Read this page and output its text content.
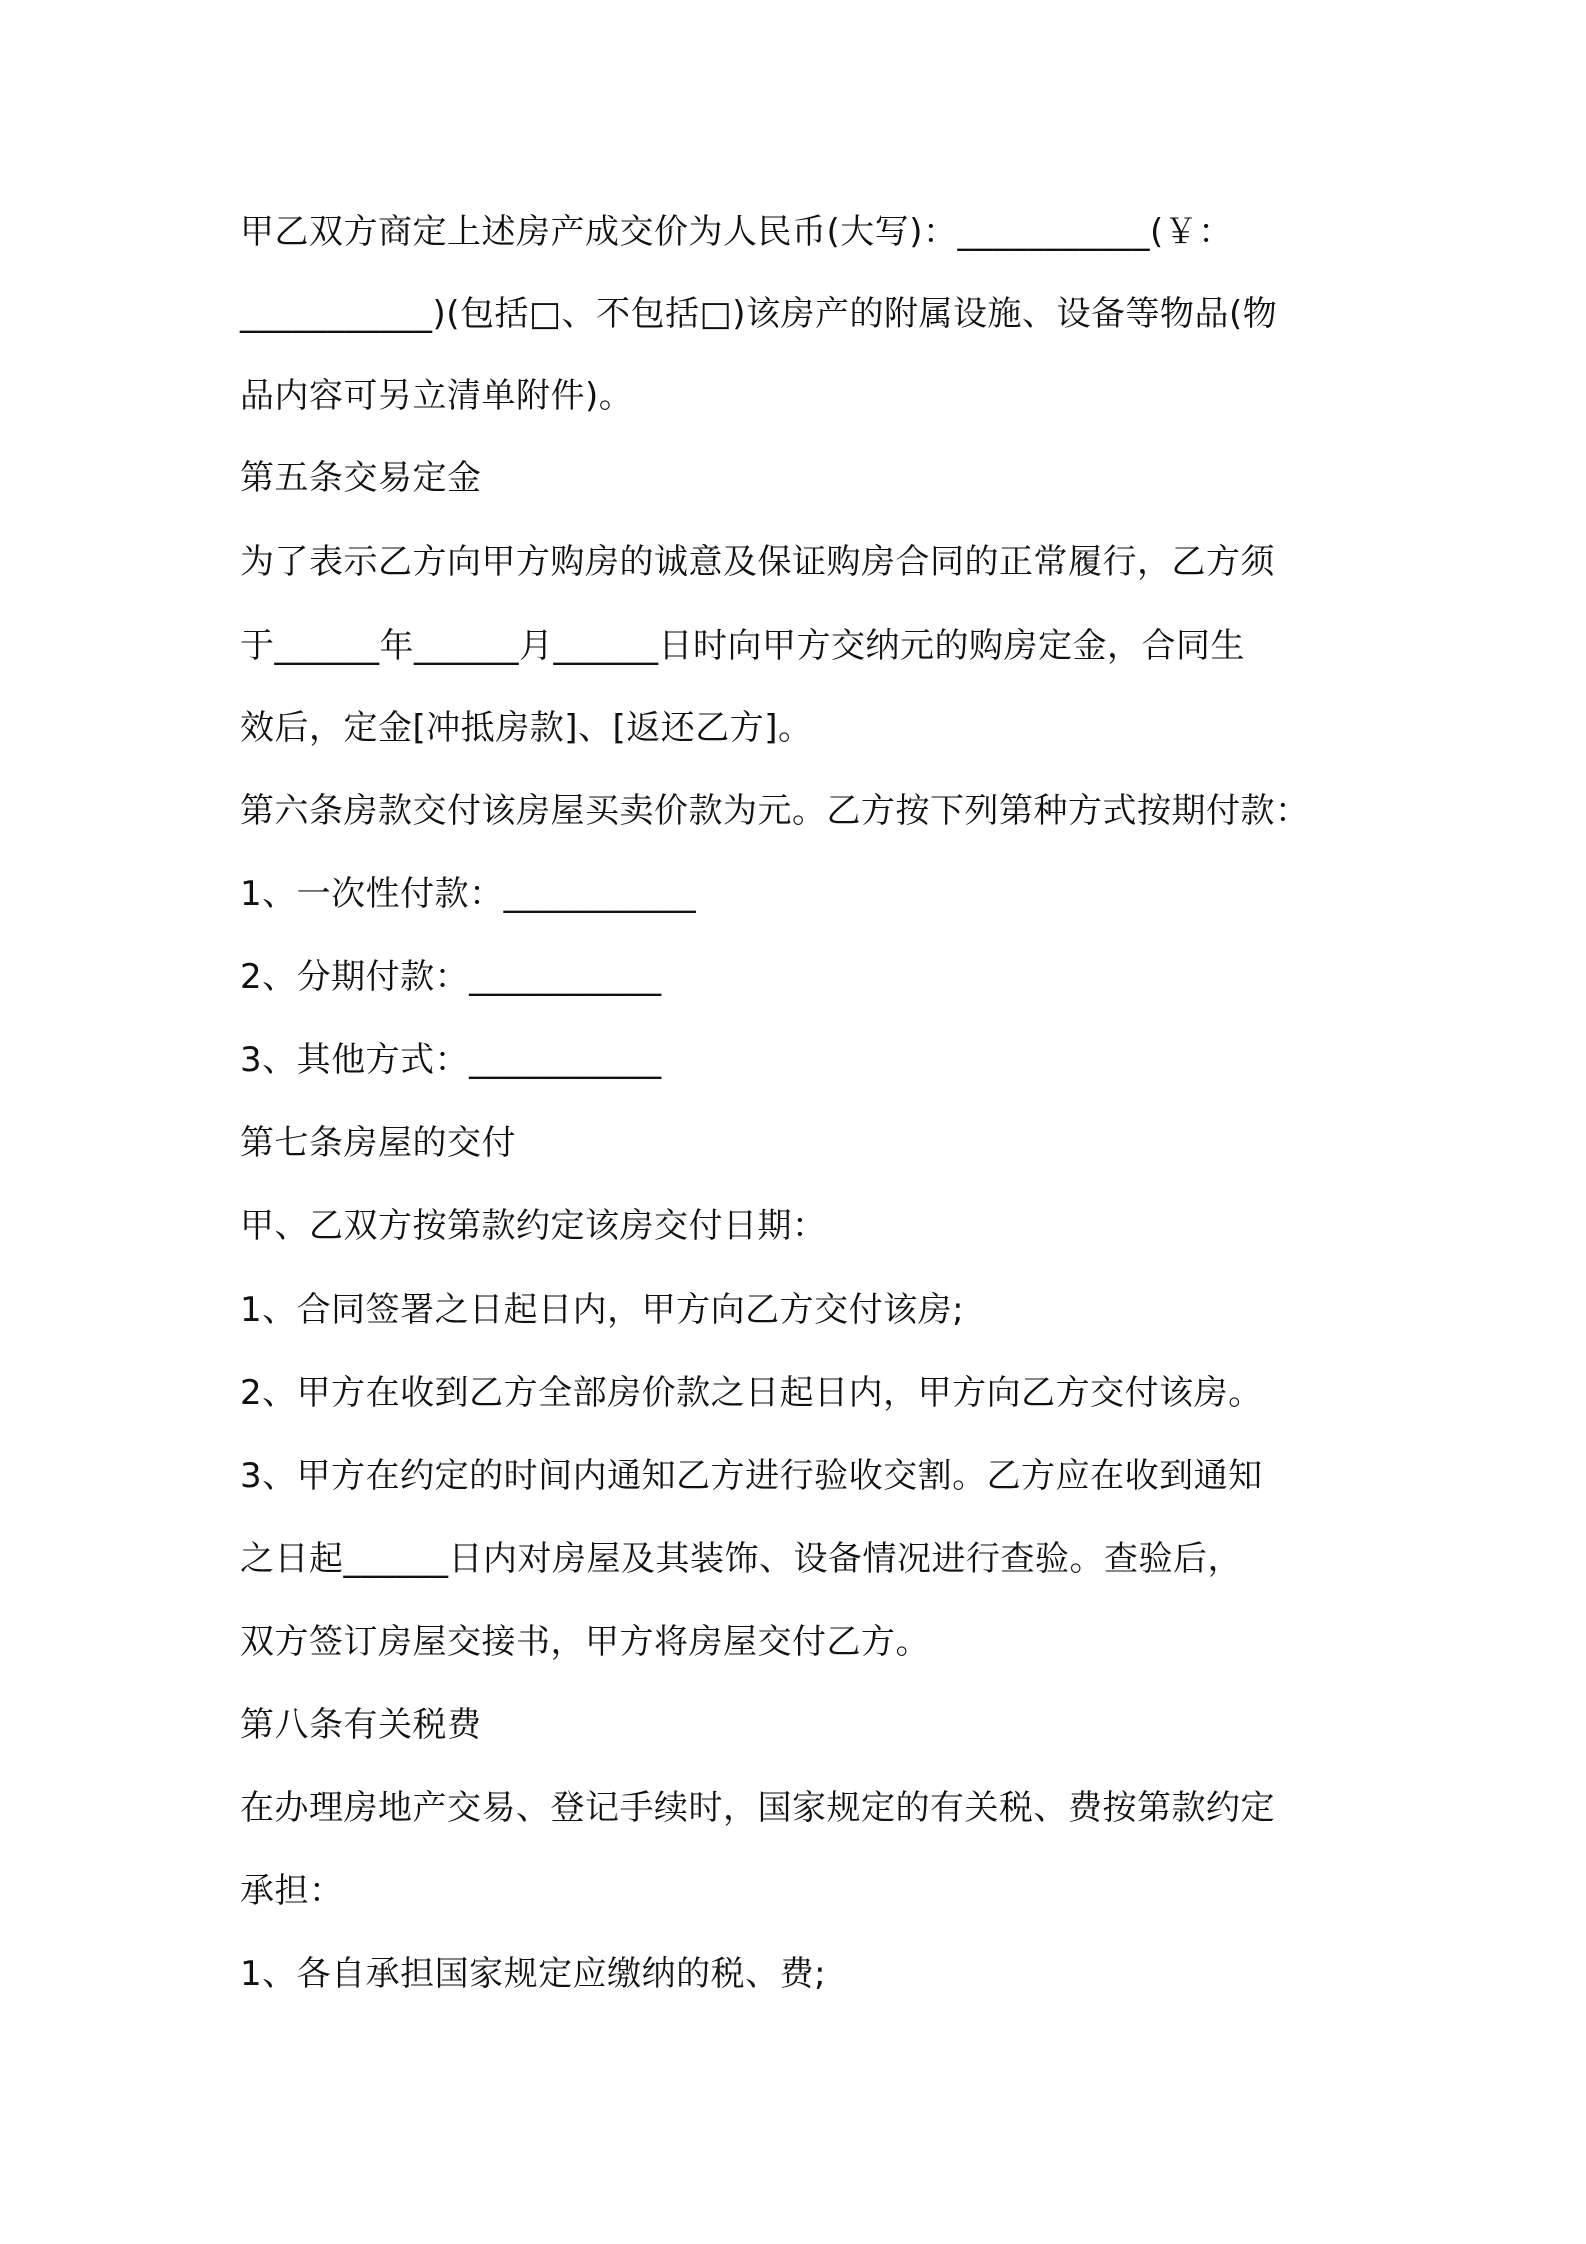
甲乙双方商定上述房产成交价为人民币(大写)：___________(￥：
___________)(包括□、不包括□)该房产的附属设施、设备等物品(物
品内容可另立清单附件)。
第五条交易定金
为了表示乙方向甲方购房的诚意及保证购房合同的正常履行，乙方须
于______年______月______日时向甲方交纳元的购房定金，合同生
效后，定金[冲抵房款]、[返还乙方]。
第六条房款交付该房屋买卖价款为元。乙方按下列第种方式按期付款：
1、一次性付款：___________
2、分期付款：___________
3、其他方式：___________
第七条房屋的交付
甲、乙双方按第款约定该房交付日期：
1、合同签署之日起日内，甲方向乙方交付该房;
2、甲方在收到乙方全部房价款之日起日内，甲方向乙方交付该房。
3、甲方在约定的时间内通知乙方进行验收交割。乙方应在收到通知
之日起______日内对房屋及其装饰、设备情况进行查验。查验后，
双方签订房屋交接书，甲方将房屋交付乙方。
第八条有关税费
在办理房地产交易、登记手续时，国家规定的有关税、费按第款约定
承担：
1、各自承担国家规定应缴纳的税、费;
